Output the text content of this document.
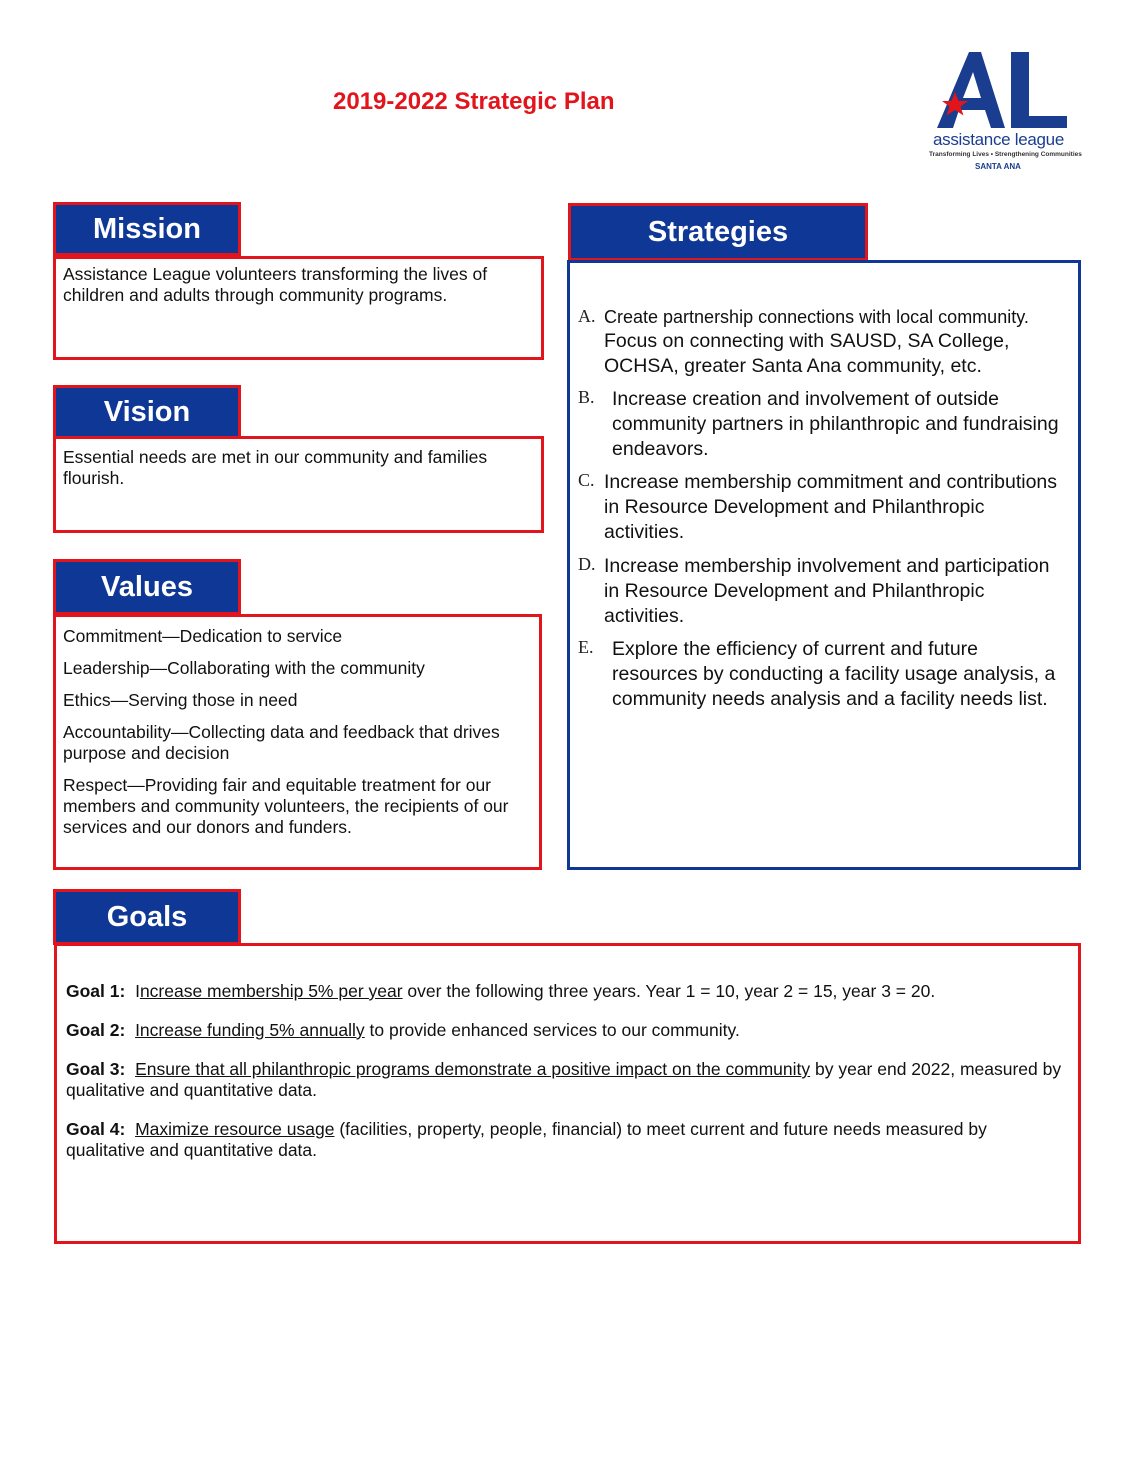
2019-2022 Strategic Plan
assistance league
Transforming Lives • Strengthening Communities
SANTA ANA
Mission
Assistance League volunteers transforming the lives of children and adults through community programs.
Vision
Essential needs are met in our community and families flourish.
Values

Commitment—Dedication to service

Leadership—Collaborating with the community

Ethics—Serving those in need

Accountability—Collecting data and feedback that drives purpose and decision

Respect—Providing fair and equitable treatment for our members and community volunteers, the recipients of our services and our donors and funders.

Strategies
A. Create partnership connections with local community.
Focus on connecting with SAUSD, SA College, OCHSA, greater Santa Ana community, etc.
B. Increase creation and involvement of outside community partners in philanthropic and fundraising endeavors.
C. Increase membership commitment and contributions in Resource Development and Philanthropic activities.
D. Increase membership involvement and participation in Resource Development and Philanthropic activities.
E. Explore the efficiency of current and future resources by conducting a facility usage analysis, a community needs analysis and a facility needs list.
Goals
Goal 1: Increase membership 5% per year over the following three years. Year 1 = 10, year 2 = 15, year 3 = 20.
Goal 2: Increase funding 5% annually to provide enhanced services to our community.
Goal 3: Ensure that all philanthropic programs demonstrate a positive impact on the community by year end 2022, measured by qualitative and quantitative data.
Goal 4: Maximize resource usage (facilities, property, people, financial) to meet current and future needs measured by qualitative and quantitative data.
